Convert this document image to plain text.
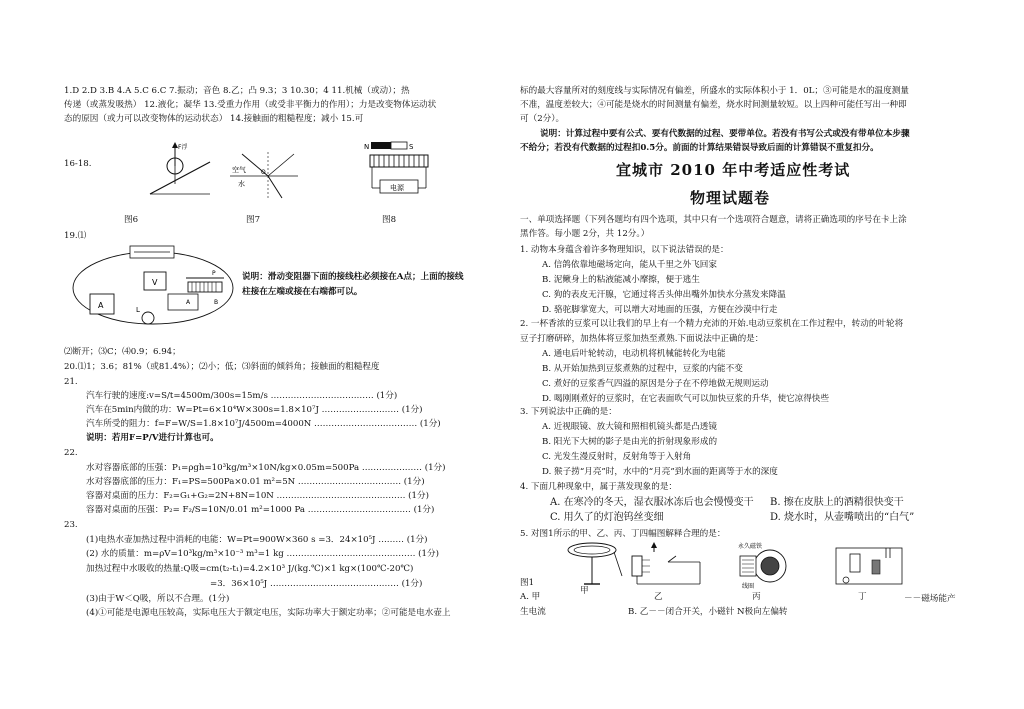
1.D 2.D 3.B 4.A 5.C 6.C 7.振动；音色 8.乙；凸 9.3；3 10.30；4 11.机械（或动）；热
传递（或蒸发吸热） 12.液化；凝华 13.受重力作用（或受非平衡力的作用）；力是改变物体运动状
态的原因（或力可以改变物体的运动状态） 14.接触面的粗糙程度；减小 15.可
16-18.
F浮
空气
水
O
N	S
电源
图6	图7	图8
19.⑴
V
A	L
P
A	B
说明：滑动变阻器下面的接线柱必须接在A点；上面的接线
柱接在左端或接在右端都可以。
⑵断开；⑶C；⑷0.9；6.94；
20.⑴1；3.6；81%（或81.4%）；⑵小；低；⑶斜面的倾斜角；接触面的粗糙程度
21.
汽车行驶的速度:v=S/t=4500m/300s=15m/s ……………………………… (1分)
汽车在5min内做的功：W=Pt=6×10⁴W×300s=1.8×10⁷J ……………………… (1分)
汽车所受的阻力：f=F=W/S=1.8×10⁷J/4500m=4000N ……………………………… (1分)
说明：若用F=P/V进行计算也可。
22.
水对容器底部的压强：P₁=ρgh=10³kg/m³×10N/kg×0.05m=500Pa ………………… (1分)
水对容器底部的压力：F₁=PS=500Pa×0.01 m²=5N ……………………………… (1分)
容器对桌面的压力：F₂=G₁+G₂=2N+8N=10N ……………………………………… (1分)
容器对桌面的压强：P₂= F₂/S=10N/0.01 m²=1000 Pa ……………………………… (1分)
23.
(1)电热水壶加热过程中消耗的电能：W=Pt=900W×360 s =3．24×10⁵J ……… (1分)
(2) 水的质量：m=ρV=10³kg/m³×10⁻³ m³=1 kg ……………………………………… (1分)
加热过程中水吸收的热量:Q吸=cm(t₂-t₁)=4.2×10³ J/(kg.℃)×1 kg×(100℃-20℃)
=3．36×10⁵J ……………………………………… (1分)
(3)由于W＜Q吸，所以不合理。(1分)
(4)①可能是电源电压较高，实际电压大于额定电压，实际功率大于额定功率；②可能是电水壶上
标的最大容量所对的刻度线与实际情况有偏差，所盛水的实际体积小于 1．0L；③可能是水的温度测量
不准，温度差较大；④可能是烧水的时间测量有偏差，烧水时间测量较短。以上四种可能任写出一种即
可（2分）。
说明：计算过程中要有公式、要有代数据的过程、要带单位。若没有书写公式或没有带单位本步骤
不给分；若没有代数据的过程扣0.5分。前面的计算结果错误导致后面的计算错误不重复扣分。
宜城市 2010 年中考适应性考试
物理试题卷
一、单项选择题（下列各题均有四个选项，其中只有一个选项符合题意，请将正确选项的序号在卡上涂
黑作答。每小题 2分，共 12分。）
1. 动物本身蕴含着许多物理知识，以下说法错误的是：
A. 信鸽依靠地磁场定向，能从千里之外飞回家
B. 泥鳅身上的粘液能减小摩擦，便于逃生
C. 狗的表皮无汗腺，它通过将舌头伸出嘴外加快水分蒸发来降温
D. 骆驼脚掌宽大，可以增大对地面的压强，方便在沙漠中行走
2. 一杯香浓的豆浆可以让我们的早上有一个精力充沛的开始.电动豆浆机在工作过程中，转动的叶轮将
豆子打磨研碎，加热体将豆浆加热至煮熟.下面说法中正确的是：
A. 通电后叶轮转动，电动机将机械能转化为电能
B. 从开始加热到豆浆煮熟的过程中，豆浆的内能不变
C. 煮好的豆浆香气四溢的原因是分子在不停地做无规则运动
D. 喝刚刚煮好的豆浆时，在它表面吹气可以加快豆浆的升华，使它凉得快些
3. 下列说法中正确的是：
A. 近视眼镜、放大镜和照相机镜头都是凸透镜
B. 阳光下大树的影子是由光的折射现象形成的
C. 光发生漫反射时，反射角等于入射角
D. 猴子捞“月亮”时，水中的“月亮”到水面的距离等于水的深度
4. 下面几种现象中，属于蒸发现象的是：
A. 在寒冷的冬天，湿衣服冰冻后也会慢慢变干 B. 擦在皮肤上的酒精很快变干
C. 用久了的灯泡钨丝变细	D. 烧水时，从壶嘴喷出的“白气”
5. 对图1所示的甲、乙、丙、丁四幅图解释合理的是：
永久磁铁
线圈
图1
A. 甲	乙	丙	丁	－－磁场能产
生电流	B. 乙－－闭合开关，小磁针 N极向左偏转
甲
